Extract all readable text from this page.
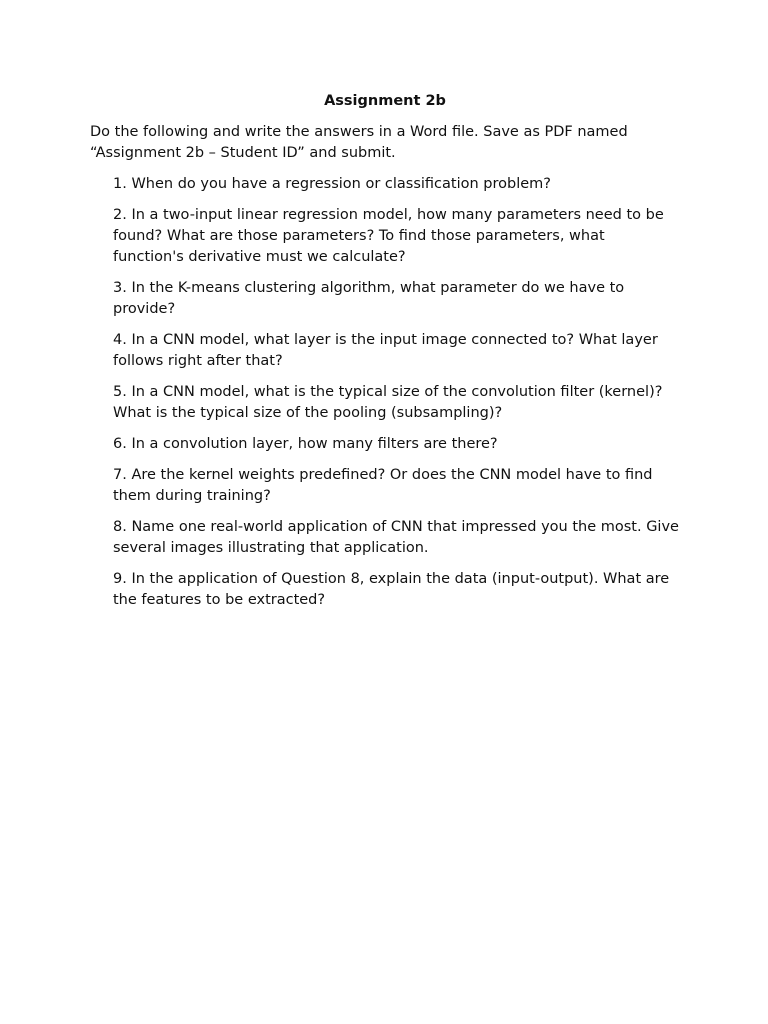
Assignment 2b
Do the following and write the answers in a Word file. Save as PDF named “Assignment 2b – Student ID” and submit.
1. When do you have a regression or classification problem?
2. In a two-input linear regression model, how many parameters need to be found? What are those parameters? To find those parameters, what function's derivative must we calculate?
3. In the K-means clustering algorithm, what parameter do we have to provide?
4. In a CNN model, what layer is the input image connected to? What layer follows right after that?
5. In a CNN model, what is the typical size of the convolution filter (kernel)? What is the typical size of the pooling (subsampling)?
6. In a convolution layer, how many filters are there?
7. Are the kernel weights predefined? Or does the CNN model have to find them during training?
8. Name one real-world application of CNN that impressed you the most. Give several images illustrating that application.
9. In the application of Question 8, explain the data (input-output). What are the features to be extracted?
